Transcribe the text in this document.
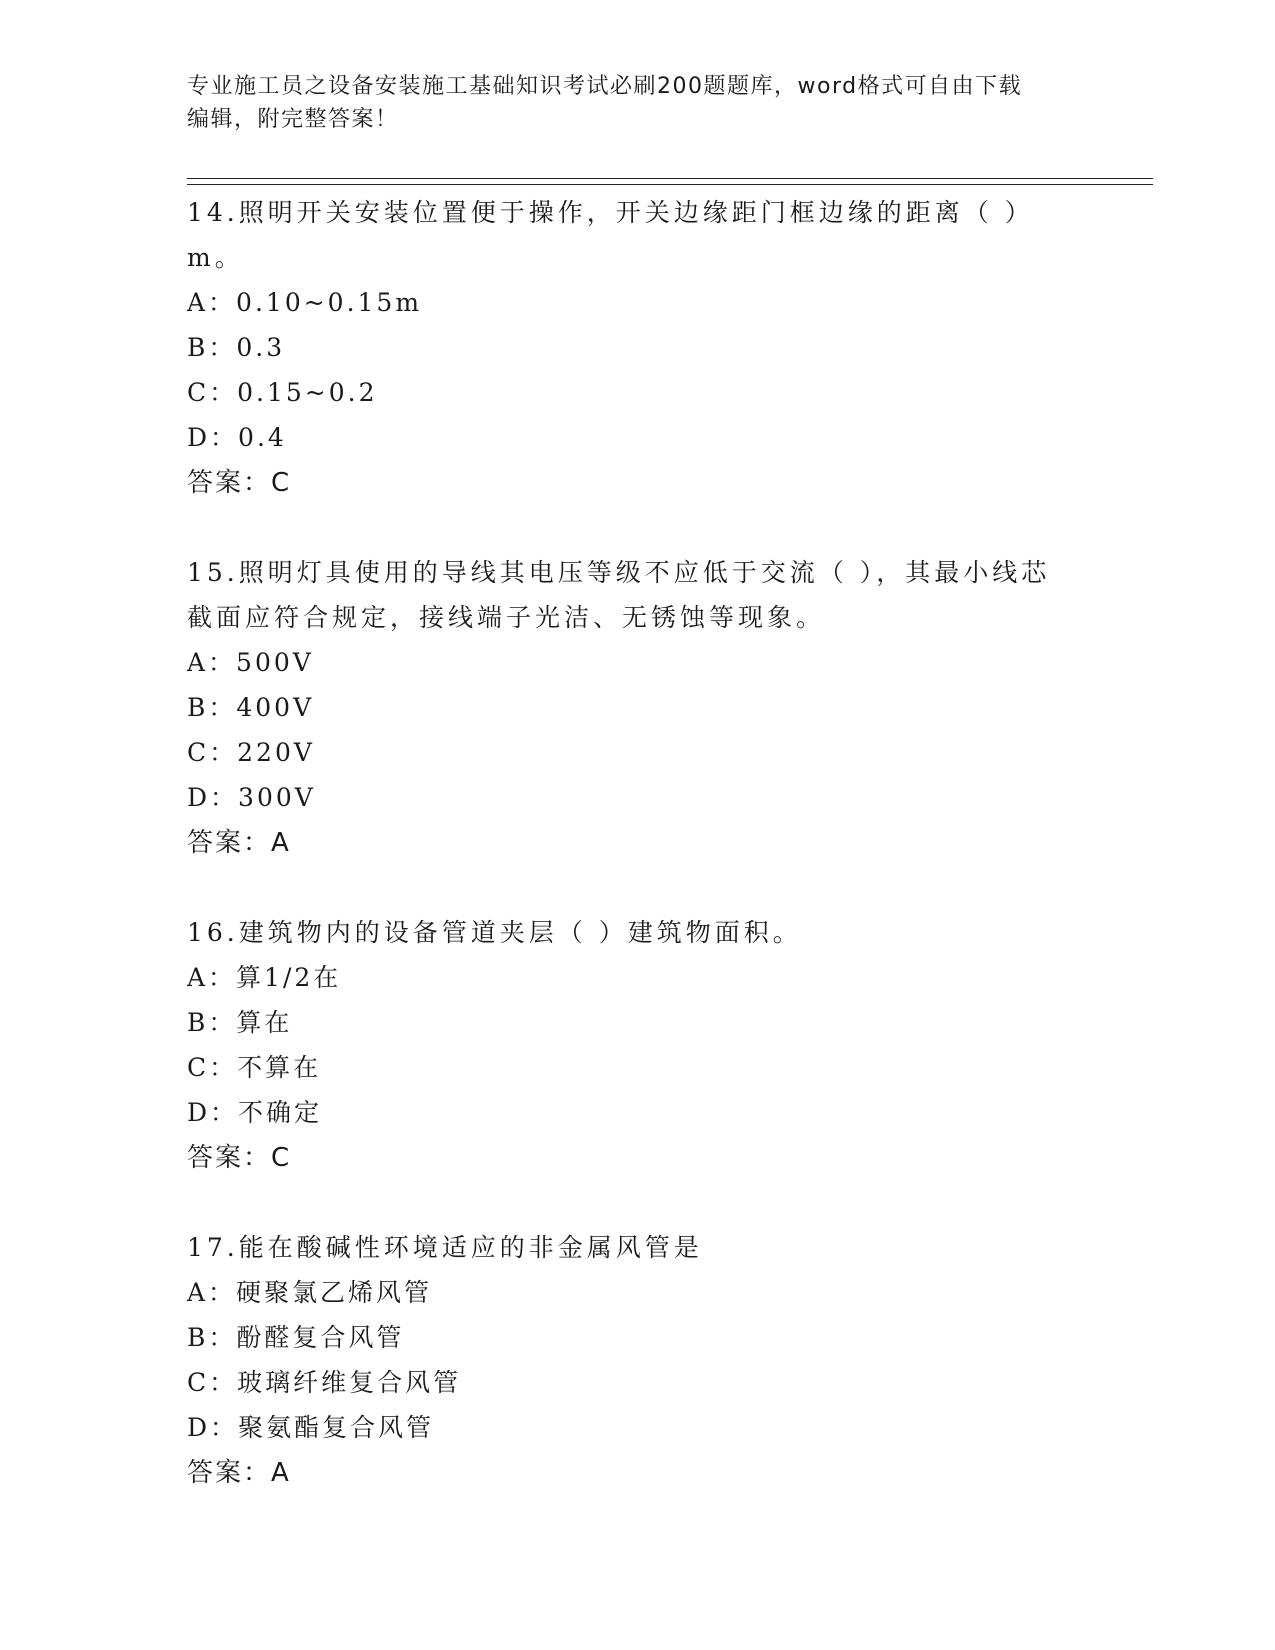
专业施工员之设备安装施工基础知识考试必刷200题题库，word格式可自由下载
编辑，附完整答案！
14.照明开关安装位置便于操作，开关边缘距门框边缘的距离（ ）m。
A：0.10~0.15m
B：0.3
C：0.15~0.2
D：0.4
答案：C
15.照明灯具使用的导线其电压等级不应低于交流（ ），其最小线芯截面应符合规定，接线端子光洁、无锈蚀等现象。
A：500V
B：400V
C：220V
D：300V
答案：A
16.建筑物内的设备管道夹层（ ）建筑物面积。
A：算1/2在
B：算在
C：不算在
D：不确定
答案：C
17.能在酸碱性环境适应的非金属风管是
A：硬聚氯乙烯风管
B：酚醛复合风管
C：玻璃纤维复合风管
D：聚氨酯复合风管
答案：A
